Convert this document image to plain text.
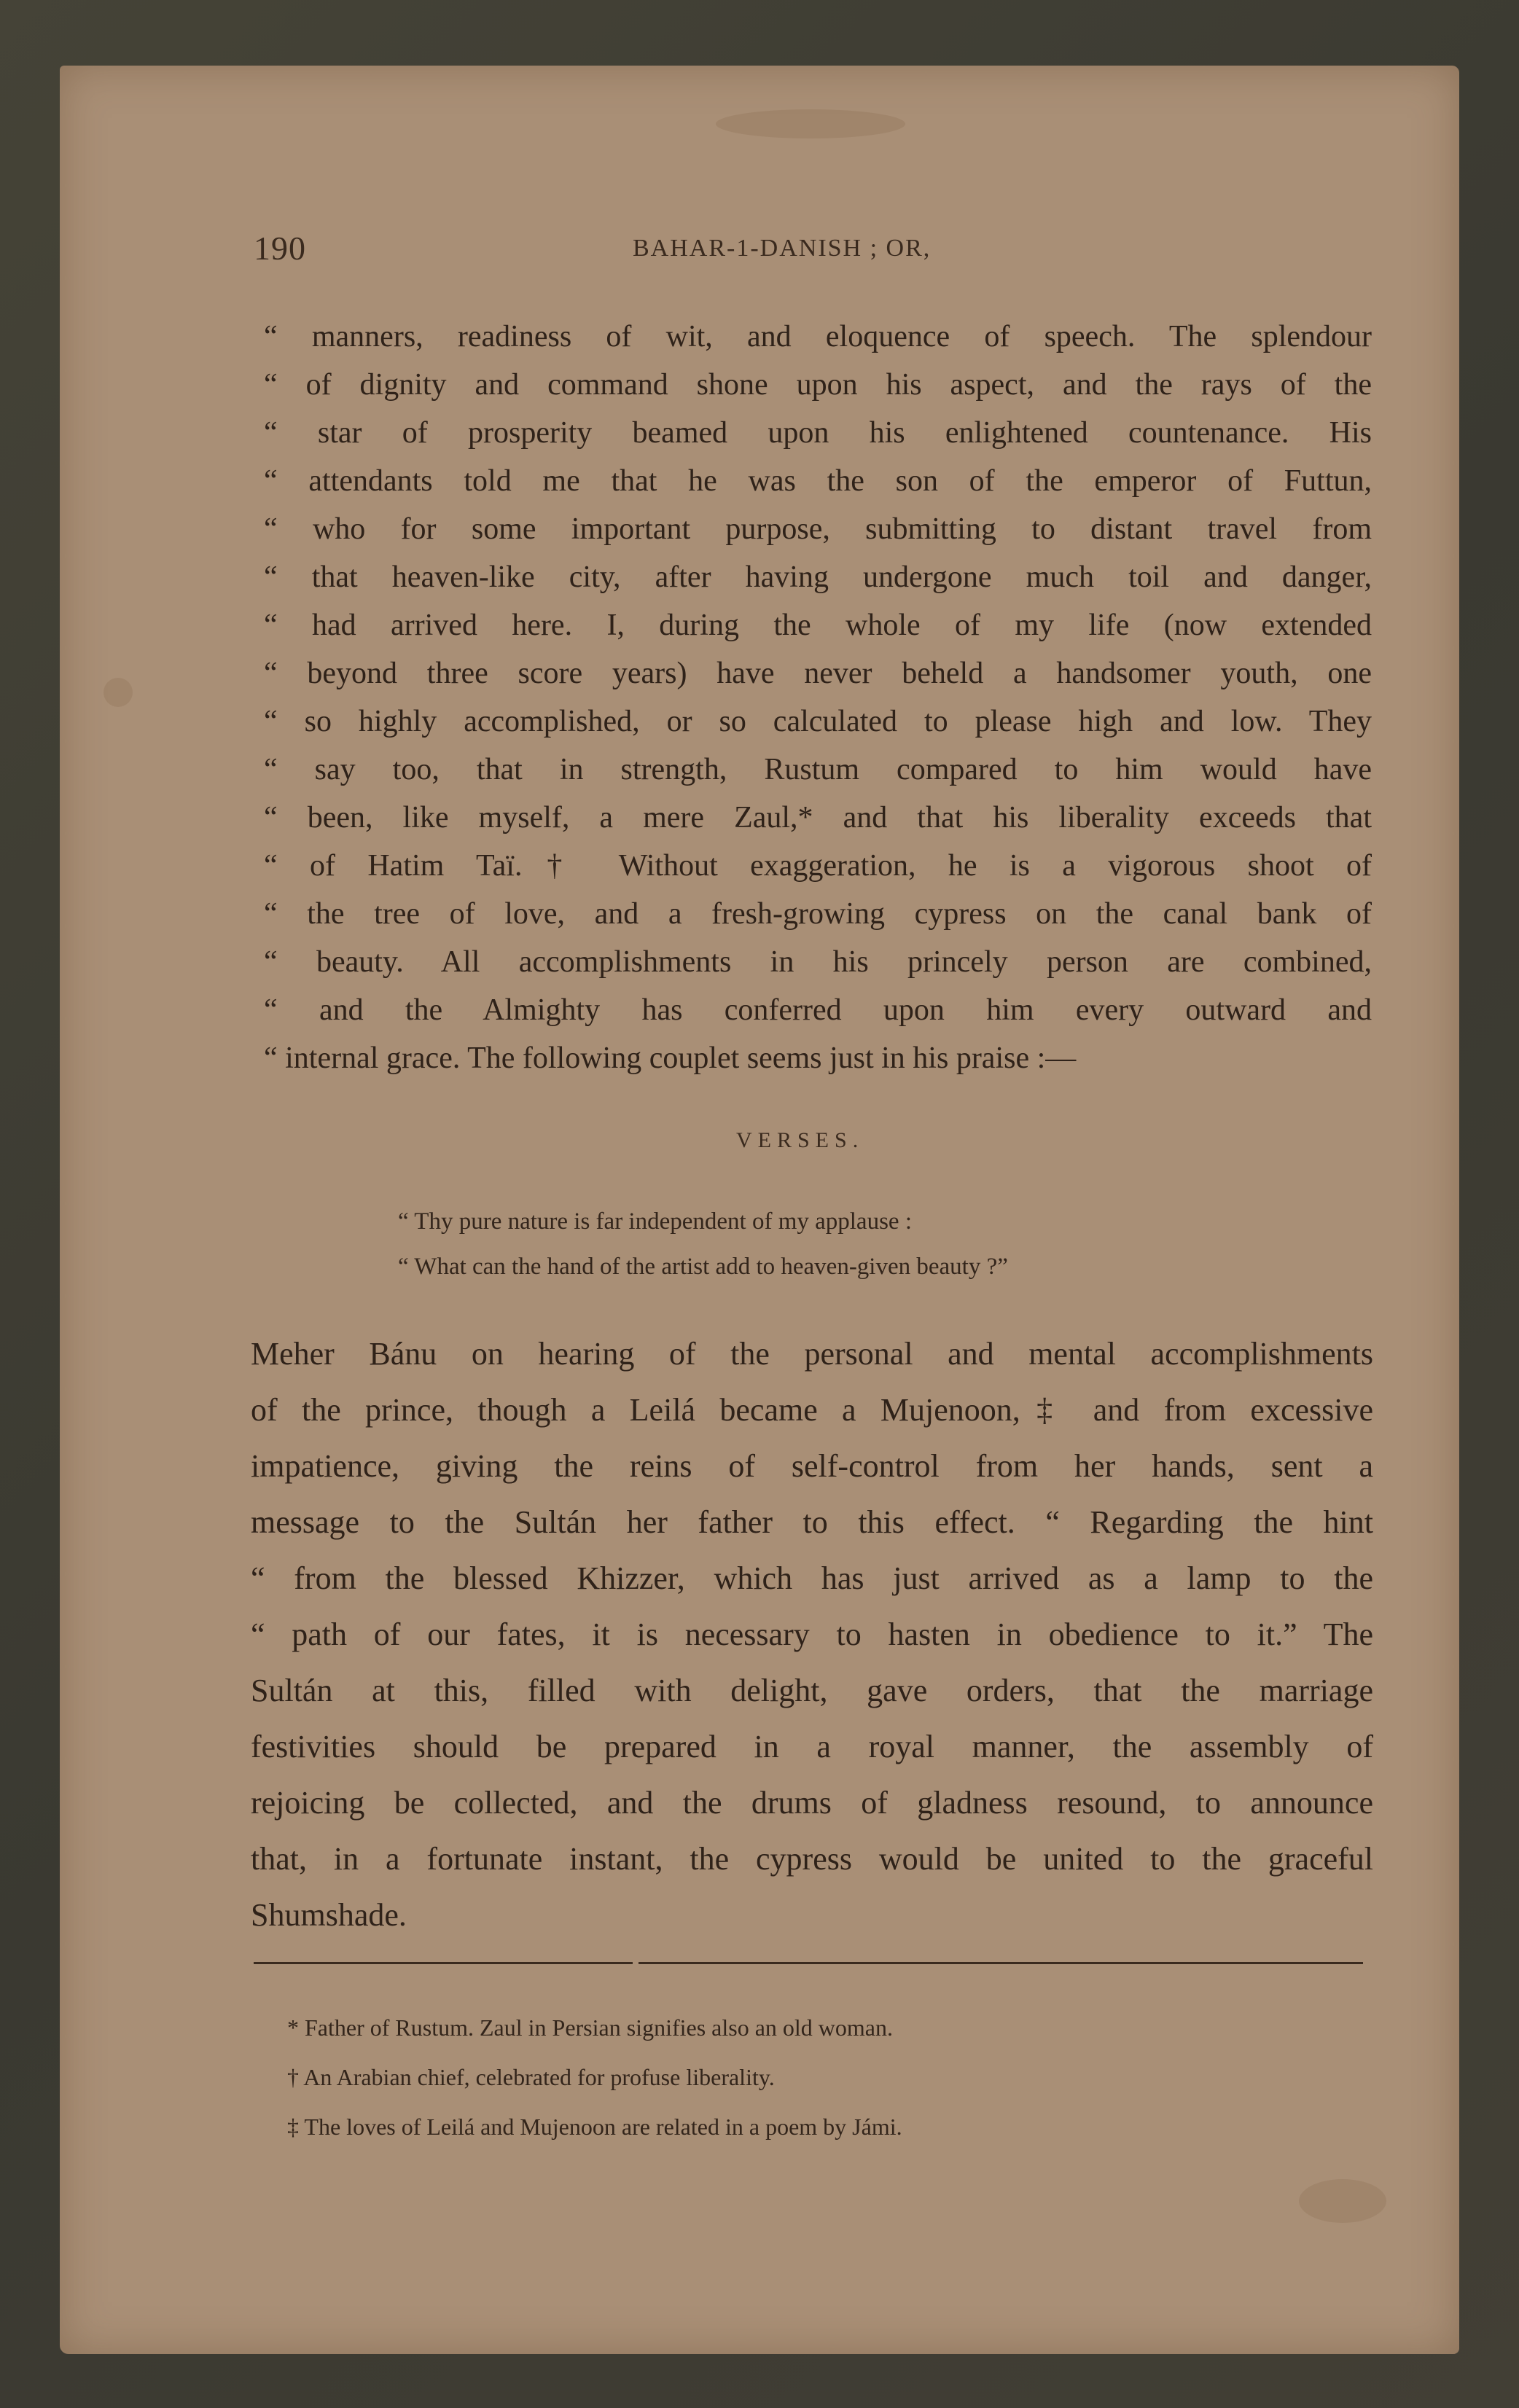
190	BAHAR-1-DANISH ; OR,
“ manners, readiness of wit, and eloquence of speech. The splendour
“ of dignity and command shone upon his aspect, and the rays of the
“ star of prosperity beamed upon his enlightened countenance. His
“ attendants told me that he was the son of the emperor of Futtun,
“ who for some important purpose, submitting to distant travel from
“ that heaven-like city, after having undergone much toil and danger,
“ had arrived here. I, during the whole of my life (now extended
“ beyond three score years) have never beheld a handsomer youth, one
“ so highly accomplished, or so calculated to please high and low. They
“ say too, that in strength, Rustum compared to him would have
“ been, like myself, a mere Zaul,* and that his liberality exceeds that
“ of Hatim Taï.† Without exaggeration, he is a vigorous shoot of
“ the tree of love, and a fresh-growing cypress on the canal bank of
“ beauty. All accomplishments in his princely person are combined,
“ and the Almighty has conferred upon him every outward and
“ internal grace. The following couplet seems just in his praise :—
VERSES.
“ Thy pure nature is far independent of my applause :
“ What can the hand of the artist add to heaven-given beauty ?”
Meher Bánu on hearing of the personal and mental accomplishments
of the prince, though a Leilá became a Mujenoon,‡ and from excessive
impatience, giving the reins of self-control from her hands, sent a
message to the Sultán her father to this effect. “ Regarding the hint
“ from the blessed Khizzer, which has just arrived as a lamp to the
“ path of our fates, it is necessary to hasten in obedience to it.” The
Sultán at this, filled with delight, gave orders, that the marriage
festivities should be prepared in a royal manner, the assembly of
rejoicing be collected, and the drums of gladness resound, to announce
that, in a fortunate instant, the cypress would be united to the graceful
Shumshade.
* Father of Rustum. Zaul in Persian signifies also an old woman.
† An Arabian chief, celebrated for profuse liberality.
‡ The loves of Leilá and Mujenoon are related in a poem by Jámi.
